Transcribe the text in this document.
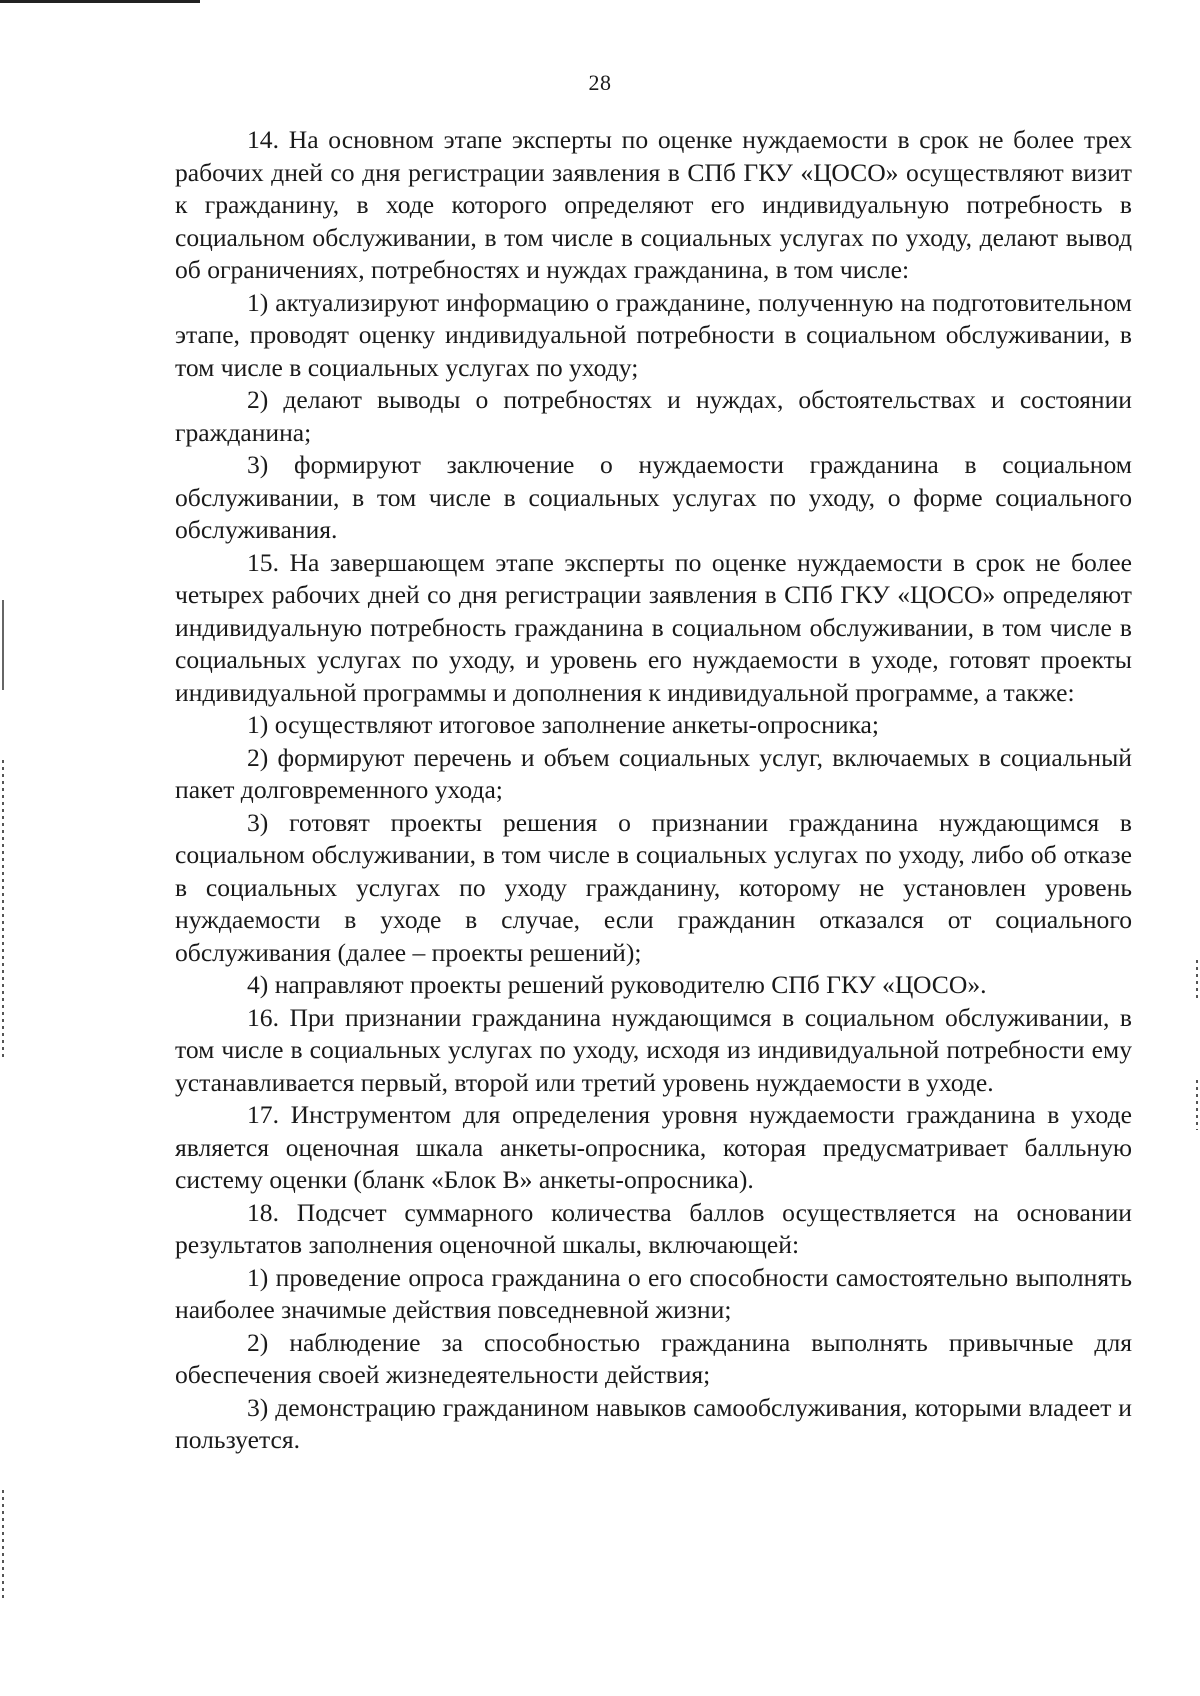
28

14. На основном этапе эксперты по оценке нуждаемости в срок не более трех рабочих дней со дня регистрации заявления в СПб ГКУ «ЦОСО» осуществляют визит к гражданину, в ходе которого определяют его индивидуальную потребность в социальном обслуживании, в том числе в социальных услугах по уходу, делают вывод об ограничениях, потребностях и нуждах гражданина, в том числе:

1) актуализируют информацию о гражданине, полученную на подготовительном этапе, проводят оценку индивидуальной потребности в социальном обслуживании, в том числе в социальных услугах по уходу;

2) делают выводы о потребностях и нуждах, обстоятельствах и состоянии гражданина;

3) формируют заключение о нуждаемости гражданина в социальном обслуживании, в том числе в социальных услугах по уходу, о форме социального обслуживания.

15. На завершающем этапе эксперты по оценке нуждаемости в срок не более четырех рабочих дней со дня регистрации заявления в СПб ГКУ «ЦОСО» определяют индивидуальную потребность гражданина в социальном обслуживании, в том числе в социальных услугах по уходу, и уровень его нуждаемости в уходе, готовят проекты индивидуальной программы и дополнения к индивидуальной программе, а также:

1) осуществляют итоговое заполнение анкеты-опросника;

2) формируют перечень и объем социальных услуг, включаемых в социальный пакет долговременного ухода;

3) готовят проекты решения о признании гражданина нуждающимся в социальном обслуживании, в том числе в социальных услугах по уходу, либо об отказе в социальных услугах по уходу гражданину, которому не установлен уровень нуждаемости в уходе в случае, если гражданин отказался от социального обслуживания (далее – проекты решений);

4) направляют проекты решений руководителю СПб ГКУ «ЦОСО».

16. При признании гражданина нуждающимся в социальном обслуживании, в том числе в социальных услугах по уходу, исходя из индивидуальной потребности ему устанавливается первый, второй или третий уровень нуждаемости в уходе.

17. Инструментом для определения уровня нуждаемости гражданина в уходе является оценочная шкала анкеты-опросника, которая предусматривает балльную систему оценки (бланк «Блок В» анкеты-опросника).

18. Подсчет суммарного количества баллов осуществляется на основании результатов заполнения оценочной шкалы, включающей:

1) проведение опроса гражданина о его способности самостоятельно выполнять наиболее значимые действия повседневной жизни;

2) наблюдение за способностью гражданина выполнять привычные для обеспечения своей жизнедеятельности действия;

3) демонстрацию гражданином навыков самообслуживания, которыми владеет и пользуется.
